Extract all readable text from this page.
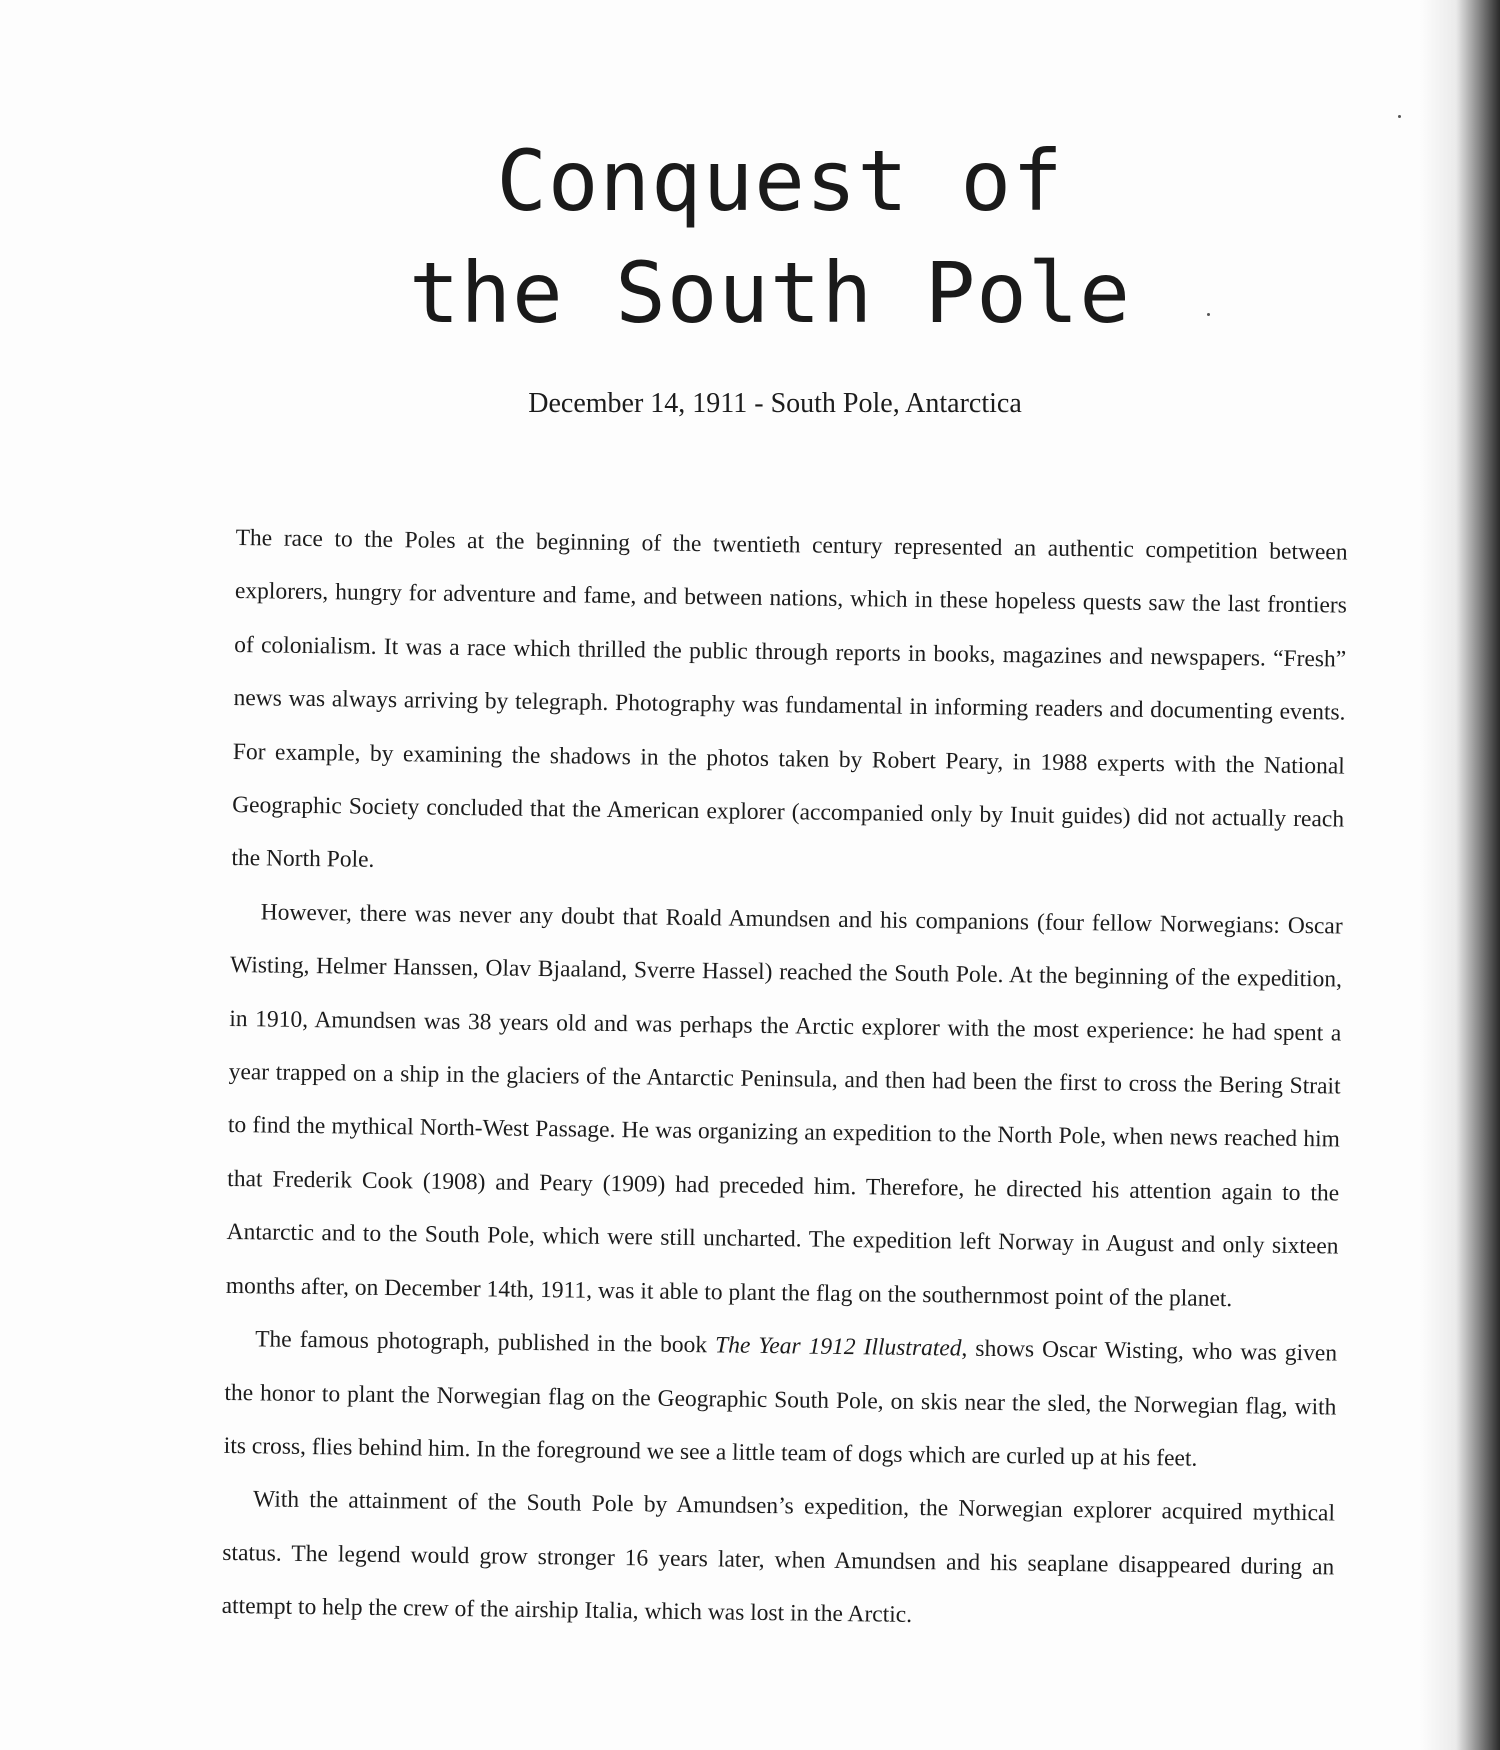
Conquest of
the South Pole
December 14, 1911 - South Pole, Antarctica

The race to the Poles at the beginning of the twentieth century represented an authentic competition between explorers, hungry for adventure and fame, and between nations, which in these hopeless quests saw the last frontiers of colonialism. It was a race which thrilled the public through reports in books, magazines and newspapers. “Fresh” news was always arriving by telegraph. Photography was fundamental in informing readers and documenting events. For example, by examining the shadows in the photos taken by Robert Peary, in 1988 experts with the National Geographic Society concluded that the American explorer (accompanied only by Inuit guides) did not actually reach the North Pole.

However, there was never any doubt that Roald Amundsen and his companions (four fellow Norwegians: Oscar Wisting, Helmer Hanssen, Olav Bjaaland, Sverre Hassel) reached the South Pole. At the beginning of the expedition, in 1910, Amundsen was 38 years old and was perhaps the Arctic explorer with the most experience: he had spent a year trapped on a ship in the glaciers of the Antarctic Peninsula, and then had been the first to cross the Bering Strait to find the mythical North-West Passage. He was organizing an expedition to the North Pole, when news reached him that Frederik Cook (1908) and Peary (1909) had preceded him. Therefore, he directed his attention again to the Antarctic and to the South Pole, which were still uncharted. The expedition left Norway in August and only sixteen months after, on December 14th, 1911, was it able to plant the flag on the southernmost point of the planet.

The famous photograph, published in the book The Year 1912 Illustrated, shows Oscar Wisting, who was given the honor to plant the Norwegian flag on the Geographic South Pole, on skis near the sled, the Norwegian flag, with its cross, flies behind him. In the foreground we see a little team of dogs which are curled up at his feet.

With the attainment of the South Pole by Amundsen’s expedition, the Norwegian explorer acquired mythical status. The legend would grow stronger 16 years later, when Amundsen and his seaplane disappeared during an attempt to help the crew of the airship Italia, which was lost in the Arctic.
